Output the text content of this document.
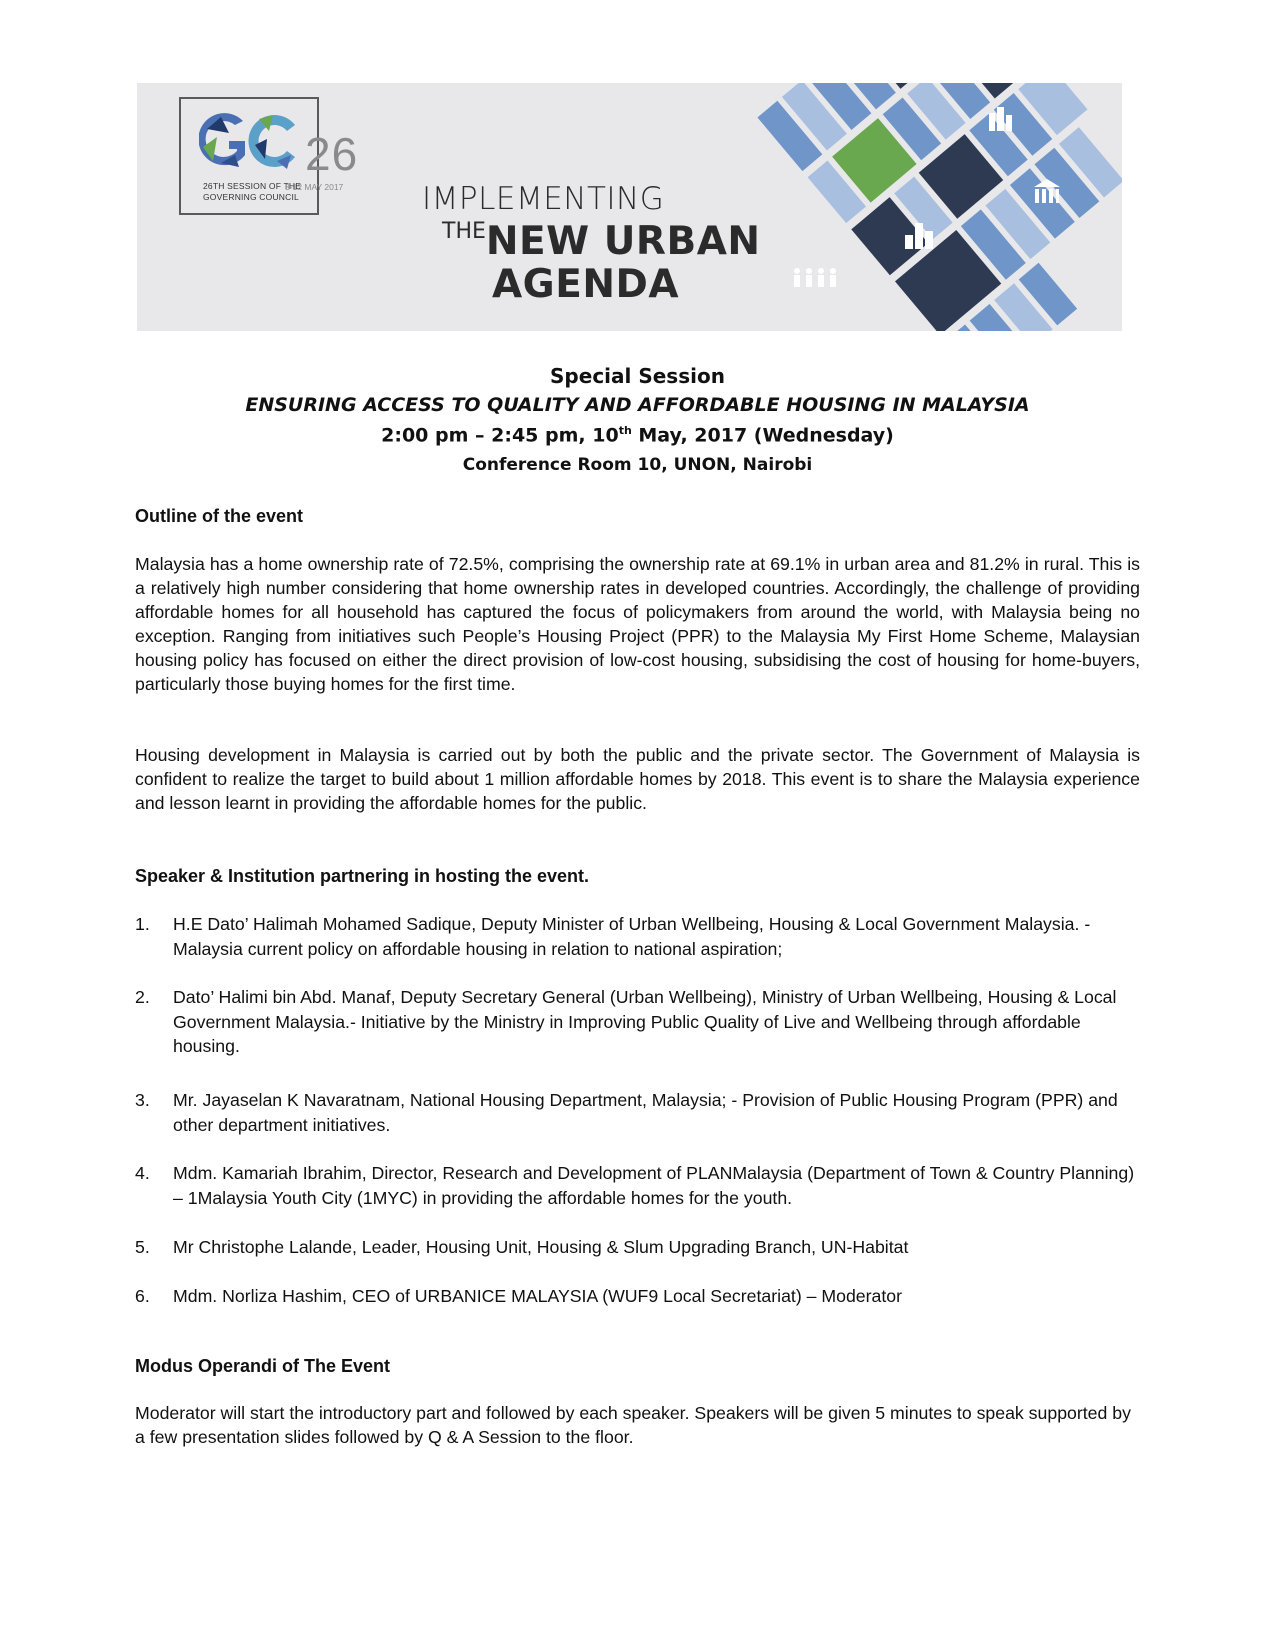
26TH SESSION OF THE
GOVERNING COUNCIL
26
8-12 MAY 2017	IMPLEMENTING
THENEW URBAN
AGENDA
Special Session
ENSURING ACCESS TO QUALITY AND AFFORDABLE HOUSING IN MALAYSIA
2:00 pm – 2:45 pm, 10th May, 2017 (Wednesday)
Conference Room 10, UNON, Nairobi
Outline of the event
Malaysia has a home ownership rate of 72.5%, comprising the ownership rate at 69.1% in urban area and 81.2% in rural. This is a relatively high number considering that home ownership rates in developed countries. Accordingly, the challenge of providing affordable homes for all household has captured the focus of policymakers from around the world, with Malaysia being no exception. Ranging from initiatives such People’s Housing Project (PPR) to the Malaysia My First Home Scheme, Malaysian housing policy has focused on either the direct provision of low-cost housing, subsidising the cost of housing for home-buyers, particularly those buying homes for the first time.
Housing development in Malaysia is carried out by both the public and the private sector. The Government of Malaysia is confident to realize the target to build about 1 million affordable homes by 2018. This event is to share the Malaysia experience and lesson learnt in providing the affordable homes for the public.
Speaker & Institution partnering in hosting the event.
1. H.E Dato’ Halimah Mohamed Sadique, Deputy Minister of Urban Wellbeing, Housing & Local Government Malaysia. - Malaysia current policy on affordable housing in relation to national aspiration;
2. Dato’ Halimi bin Abd. Manaf, Deputy Secretary General (Urban Wellbeing), Ministry of Urban Wellbeing, Housing & Local Government Malaysia.- Initiative by the Ministry in Improving Public Quality of Live and Wellbeing through affordable housing.
3. Mr. Jayaselan K Navaratnam, National Housing Department, Malaysia; - Provision of Public Housing Program (PPR) and other department initiatives.
4. Mdm. Kamariah Ibrahim, Director, Research and Development of PLANMalaysia (Department of Town & Country Planning) – 1Malaysia Youth City (1MYC) in providing the affordable homes for the youth.
5. Mr Christophe Lalande, Leader, Housing Unit, Housing & Slum Upgrading Branch, UN-Habitat
6. Mdm. Norliza Hashim, CEO of URBANICE MALAYSIA (WUF9 Local Secretariat) – Moderator
Modus Operandi of The Event
Moderator will start the introductory part and followed by each speaker. Speakers will be given 5 minutes to speak supported by a few presentation slides followed by Q & A Session to the floor.
